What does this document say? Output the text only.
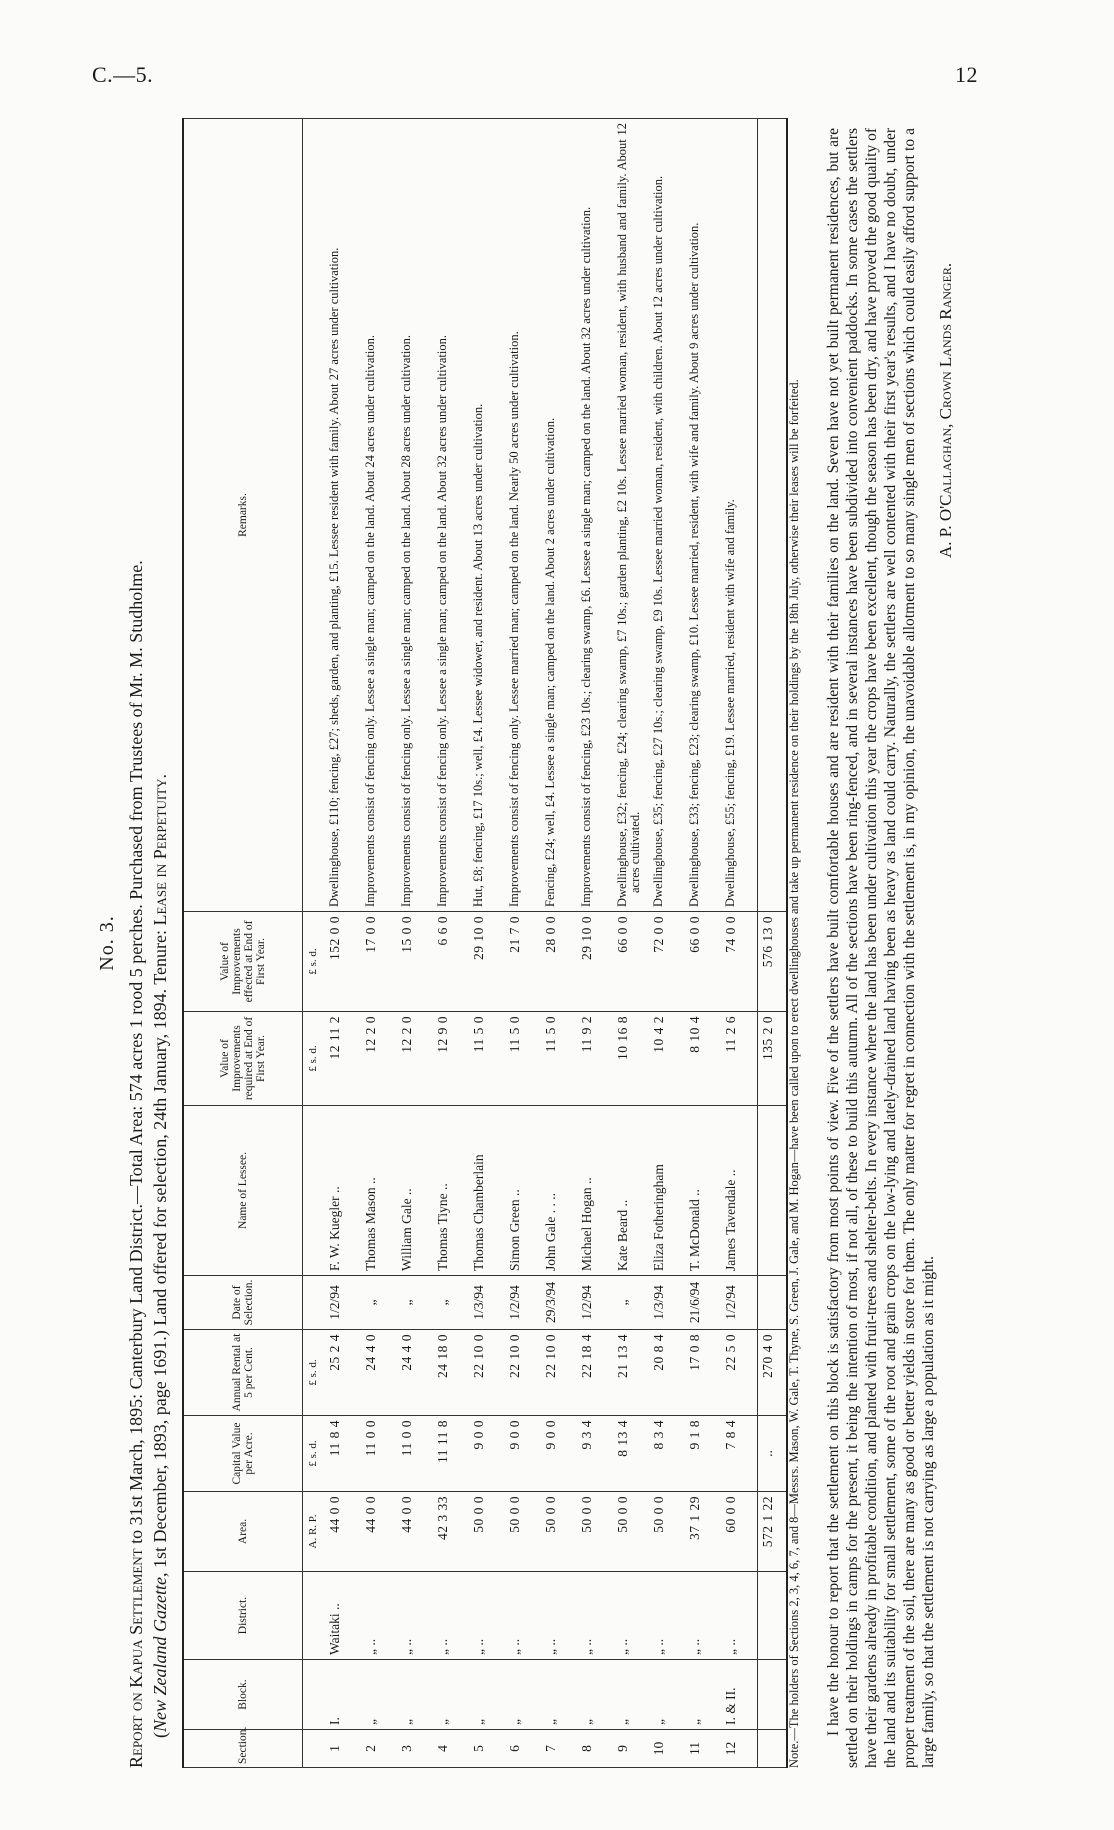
C.—5.	12
No. 3.
Report on Kapua Settlement to 31st March, 1895: Canterbury Land District.—Total Area: 574 acres 1 rood 5 perches. Purchased from Trustees of Mr. M. Studholme.
(New Zealand Gazette, 1st December, 1893, page 1691.) Land offered for selection, 24th January, 1894. Tenure: Lease in Perpetuity.
Section.	Block.	District.	Area.	Capital Value per Acre.	Annual Rental at 5 per Cent.	Date of Selection.	Name of Lessee.	Value of Improvements required at End of First Year.	Value of Improvements effected at End of First Year.	Remarks.
			A. R. P.	£ s. d.	£ s. d.			£ s. d.	£ s. d.	
1	I.	Waitaki ..	44 0 0	11 8 4	25 2 4	1/2/94	F. W. Kuegler ..	12 11 2	152 0 0	Dwellinghouse, £110; fencing, £27; sheds, garden, and planting, £15. Lessee resident with family. About 27 acres under cultivation.
2	„	„ ..	44 0 0	11 0 0	24 4 0	„	Thomas Mason ..	12 2 0	17 0 0	Improvements consist of fencing only. Lessee a single man; camped on the land. About 24 acres under cultivation.
3	„	„ ..	44 0 0	11 0 0	24 4 0	„	William Gale ..	12 2 0	15 0 0	Improvements consist of fencing only. Lessee a single man; camped on the land. About 28 acres under cultivation.
4	„	„ ..	42 3 33	11 11 8	24 18 0	„	Thomas Tiyne ..	12 9 0	6 6 0	Improvements consist of fencing only. Lessee a single man; camped on the land. About 32 acres under cultivation.
5	„	„ ..	50 0 0	9 0 0	22 10 0	1/3/94	Thomas Chamberlain	11 5 0	29 10 0	Hut, £8; fencing, £17 10s.; well, £4. Lessee widower, and resident. About 13 acres under cultivation.
6	„	„ ..	50 0 0	9 0 0	22 10 0	1/2/94	Simon Green ..	11 5 0	21 7 0	Improvements consist of fencing only. Lessee married man; camped on the land. Nearly 50 acres under cultivation.
7	„	„ ..	50 0 0	9 0 0	22 10 0	29/3/94	John Gale . . ..	11 5 0	28 0 0	Fencing, £24; well, £4. Lessee a single man; camped on the land. About 2 acres under cultivation.
8	„	„ ..	50 0 0	9 3 4	22 18 4	1/2/94	Michael Hogan ..	11 9 2	29 10 0	Improvements consist of fencing, £23 10s.; clearing swamp, £6. Lessee a single man; camped on the land. About 32 acres under cultivation.
9	„	„ ..	50 0 0	8 13 4	21 13 4	„	Kate Beard ..	10 16 8	66 0 0	Dwellinghouse, £32; fencing, £24; clearing swamp, £7 10s.; garden planting, £2 10s. Lessee married woman, resident, with husband and family. About 12 acres cultivated.
10	„	„ ..	50 0 0	8 3 4	20 8 4	1/3/94	Eliza Fotheringham	10 4 2	72 0 0	Dwellinghouse, £35; fencing, £27 10s.; clearing swamp, £9 10s. Lessee married woman, resident, with children. About 12 acres under cultivation.
11	„	„ ..	37 1 29	9 1 8	17 0 8	21/6/94	T. McDonald ..	8 10 4	66 0 0	Dwellinghouse, £33; fencing, £23; clearing swamp, £10. Lessee married, resident, with wife and family. About 9 acres under cultivation.
12	I. & II.	„ ..	60 0 0	7 8 4	22 5 0	1/2/94	James Tavendale ..	11 2 6	74 0 0	Dwellinghouse, £55; fencing, £19. Lessee married, resident with wife and family.
			572 1 22	..	270 4 0			135 2 0	576 13 0	Note.—The holders of Sections 2, 3, 4, 6, 7, and 8—Messrs. Mason, W. Gale, T. Thyne, S. Green, J. Gale, and M. Hogan—have been called upon to erect dwellinghouses and take up permanent residence on their holdings by the 18th July, otherwise their leases will be forfeited. I have the honour to report that the settlement on this block is satisfactory from most points of view. Five of the settlers have built comfortable houses and are resident with their families on the land. Seven have not yet built permanent residences, but are settled on their holdings in camps for the present, it being the intention of most, if not all, of these to build this autumn. All of the sections have been ring-fenced, and in several instances have been subdivided into convenient paddocks. In some cases the settlers have their gardens already in profitable condition, and planted with fruit-trees and shelter-belts. In every instance where the land has been under cultivation this year the crops have been excellent, though the season has been dry, and have proved the good quality of the land and its suitability for small settlement, some of the root and grain crops on the low-lying and lately-drained land having been as heavy as land could carry. Naturally, the settlers are well contented with their first year's results, and I have no doubt, under proper treatment of the soil, there are many as good or better yields in store for them. The only matter for regret in connection with the settlement is, in my opinion, the unavoidable allotment to so many single men of sections which could easily afford support to a large family, so that the settlement is not carrying as large a population as it might.
A. P. O'Callaghan, Crown Lands Ranger.
